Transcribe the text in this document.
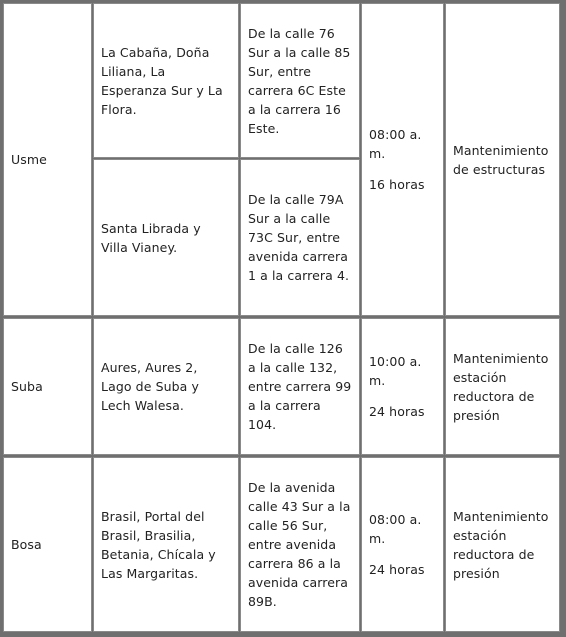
Usme
La Cabaña, Doña Liliana, La Esperanza Sur y La Flora.
De la calle 76 Sur a la calle 85 Sur, entre carrera 6C Este a la carrera 16 Este.
Santa Librada y Villa Vianey.
De la calle 79A Sur a la calle 73C Sur, entre avenida carrera 1 a la carrera 4.
08:00 a. m.
16 horas
Mantenimiento de estructuras
Suba
Aures, Aures 2, Lago de Suba y Lech Walesa.
De la calle 126 a la calle 132, entre carrera 99 a la carrera 104.
10:00 a. m.
24 horas
Mantenimiento estación reductora de presión
Bosa
Brasil, Portal del Brasil, Brasilia, Betania, Chícala y Las Margaritas.
De la avenida calle 43 Sur a la calle 56 Sur, entre avenida carrera 86 a la avenida carrera 89B.
08:00 a. m.
24 horas
Mantenimiento estación reductora de presión
